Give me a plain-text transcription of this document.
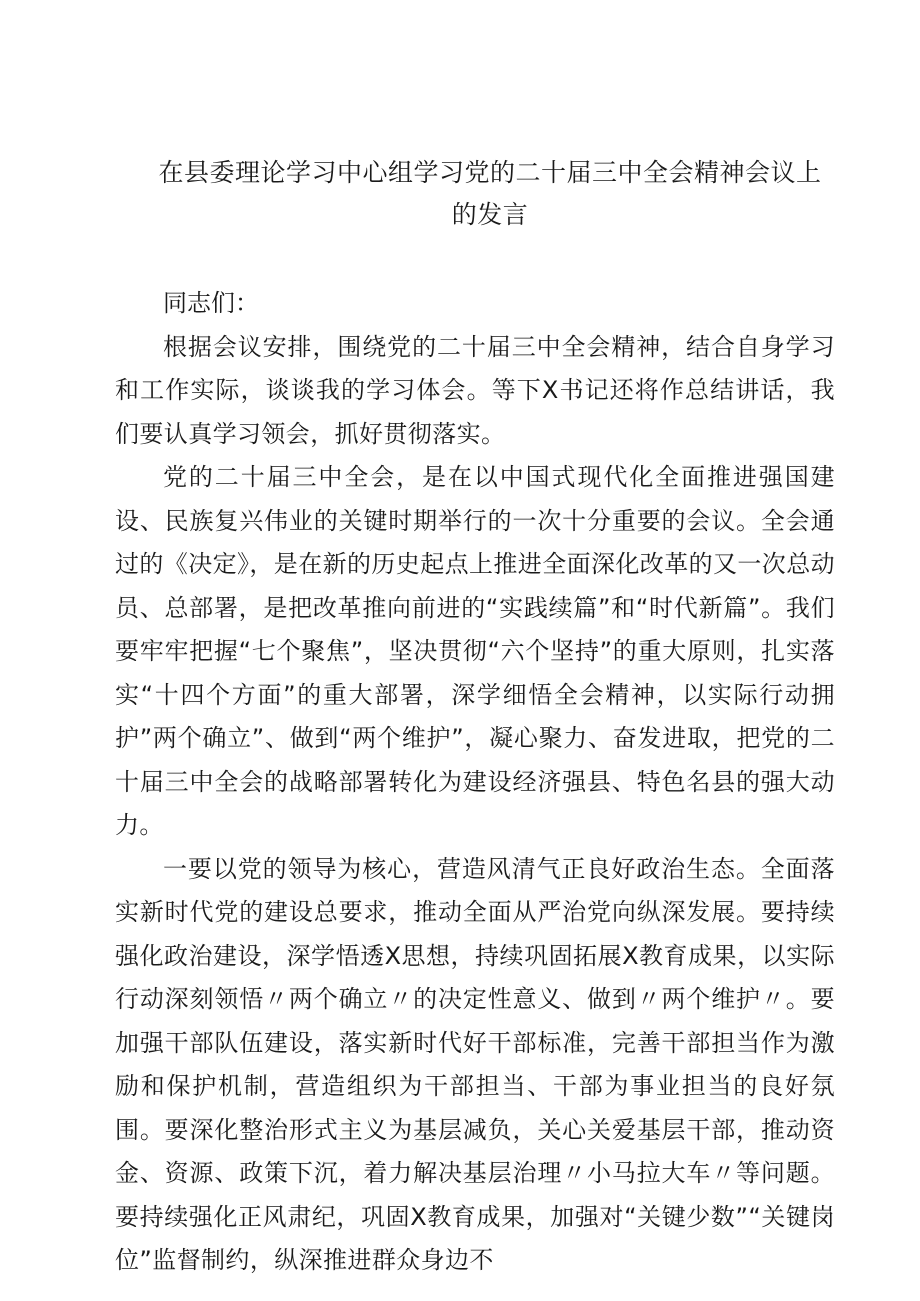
在县委理论学习中心组学习党的二十届三中全会精神会议上的发言

同志们：

根据会议安排，围绕党的二十届三中全会精神，结合自身学习和工作实际，谈谈我的学习体会。等下X书记还将作总结讲话，我们要认真学习领会，抓好贯彻落实。

党的二十届三中全会，是在以中国式现代化全面推进强国建设、民族复兴伟业的关键时期举行的一次十分重要的会议。全会通过的《决定》，是在新的历史起点上推进全面深化改革的又一次总动员、总部署，是把改革推向前进的“实践续篇”和“时代新篇”。我们要牢牢把握“七个聚焦”，坚决贯彻“六个坚持”的重大原则，扎实落实“十四个方面”的重大部署，深学细悟全会精神，以实际行动拥护”两个确立”、做到“两个维护”，凝心聚力、奋发进取，把党的二十届三中全会的战略部署转化为建设经济强县、特色名县的强大动力。

一要以党的领导为核心，营造风清气正良好政治生态。全面落实新时代党的建设总要求，推动全面从严治党向纵深发展。要持续强化政治建设，深学悟透X思想，持续巩固拓展X教育成果，以实际行动深刻领悟〃两个确立〃的决定性意义、做到〃两个维护〃。要加强干部队伍建设，落实新时代好干部标准，完善干部担当作为激励和保护机制，营造组织为干部担当、干部为事业担当的良好氛围。要深化整治形式主义为基层减负，关心关爱基层干部，推动资金、资源、政策下沉，着力解决基层治理〃小马拉大车〃等问题。要持续强化正风肃纪，巩固X教育成果，加强对“关键少数”“关键岗位”监督制约，纵深推进群众身边不
